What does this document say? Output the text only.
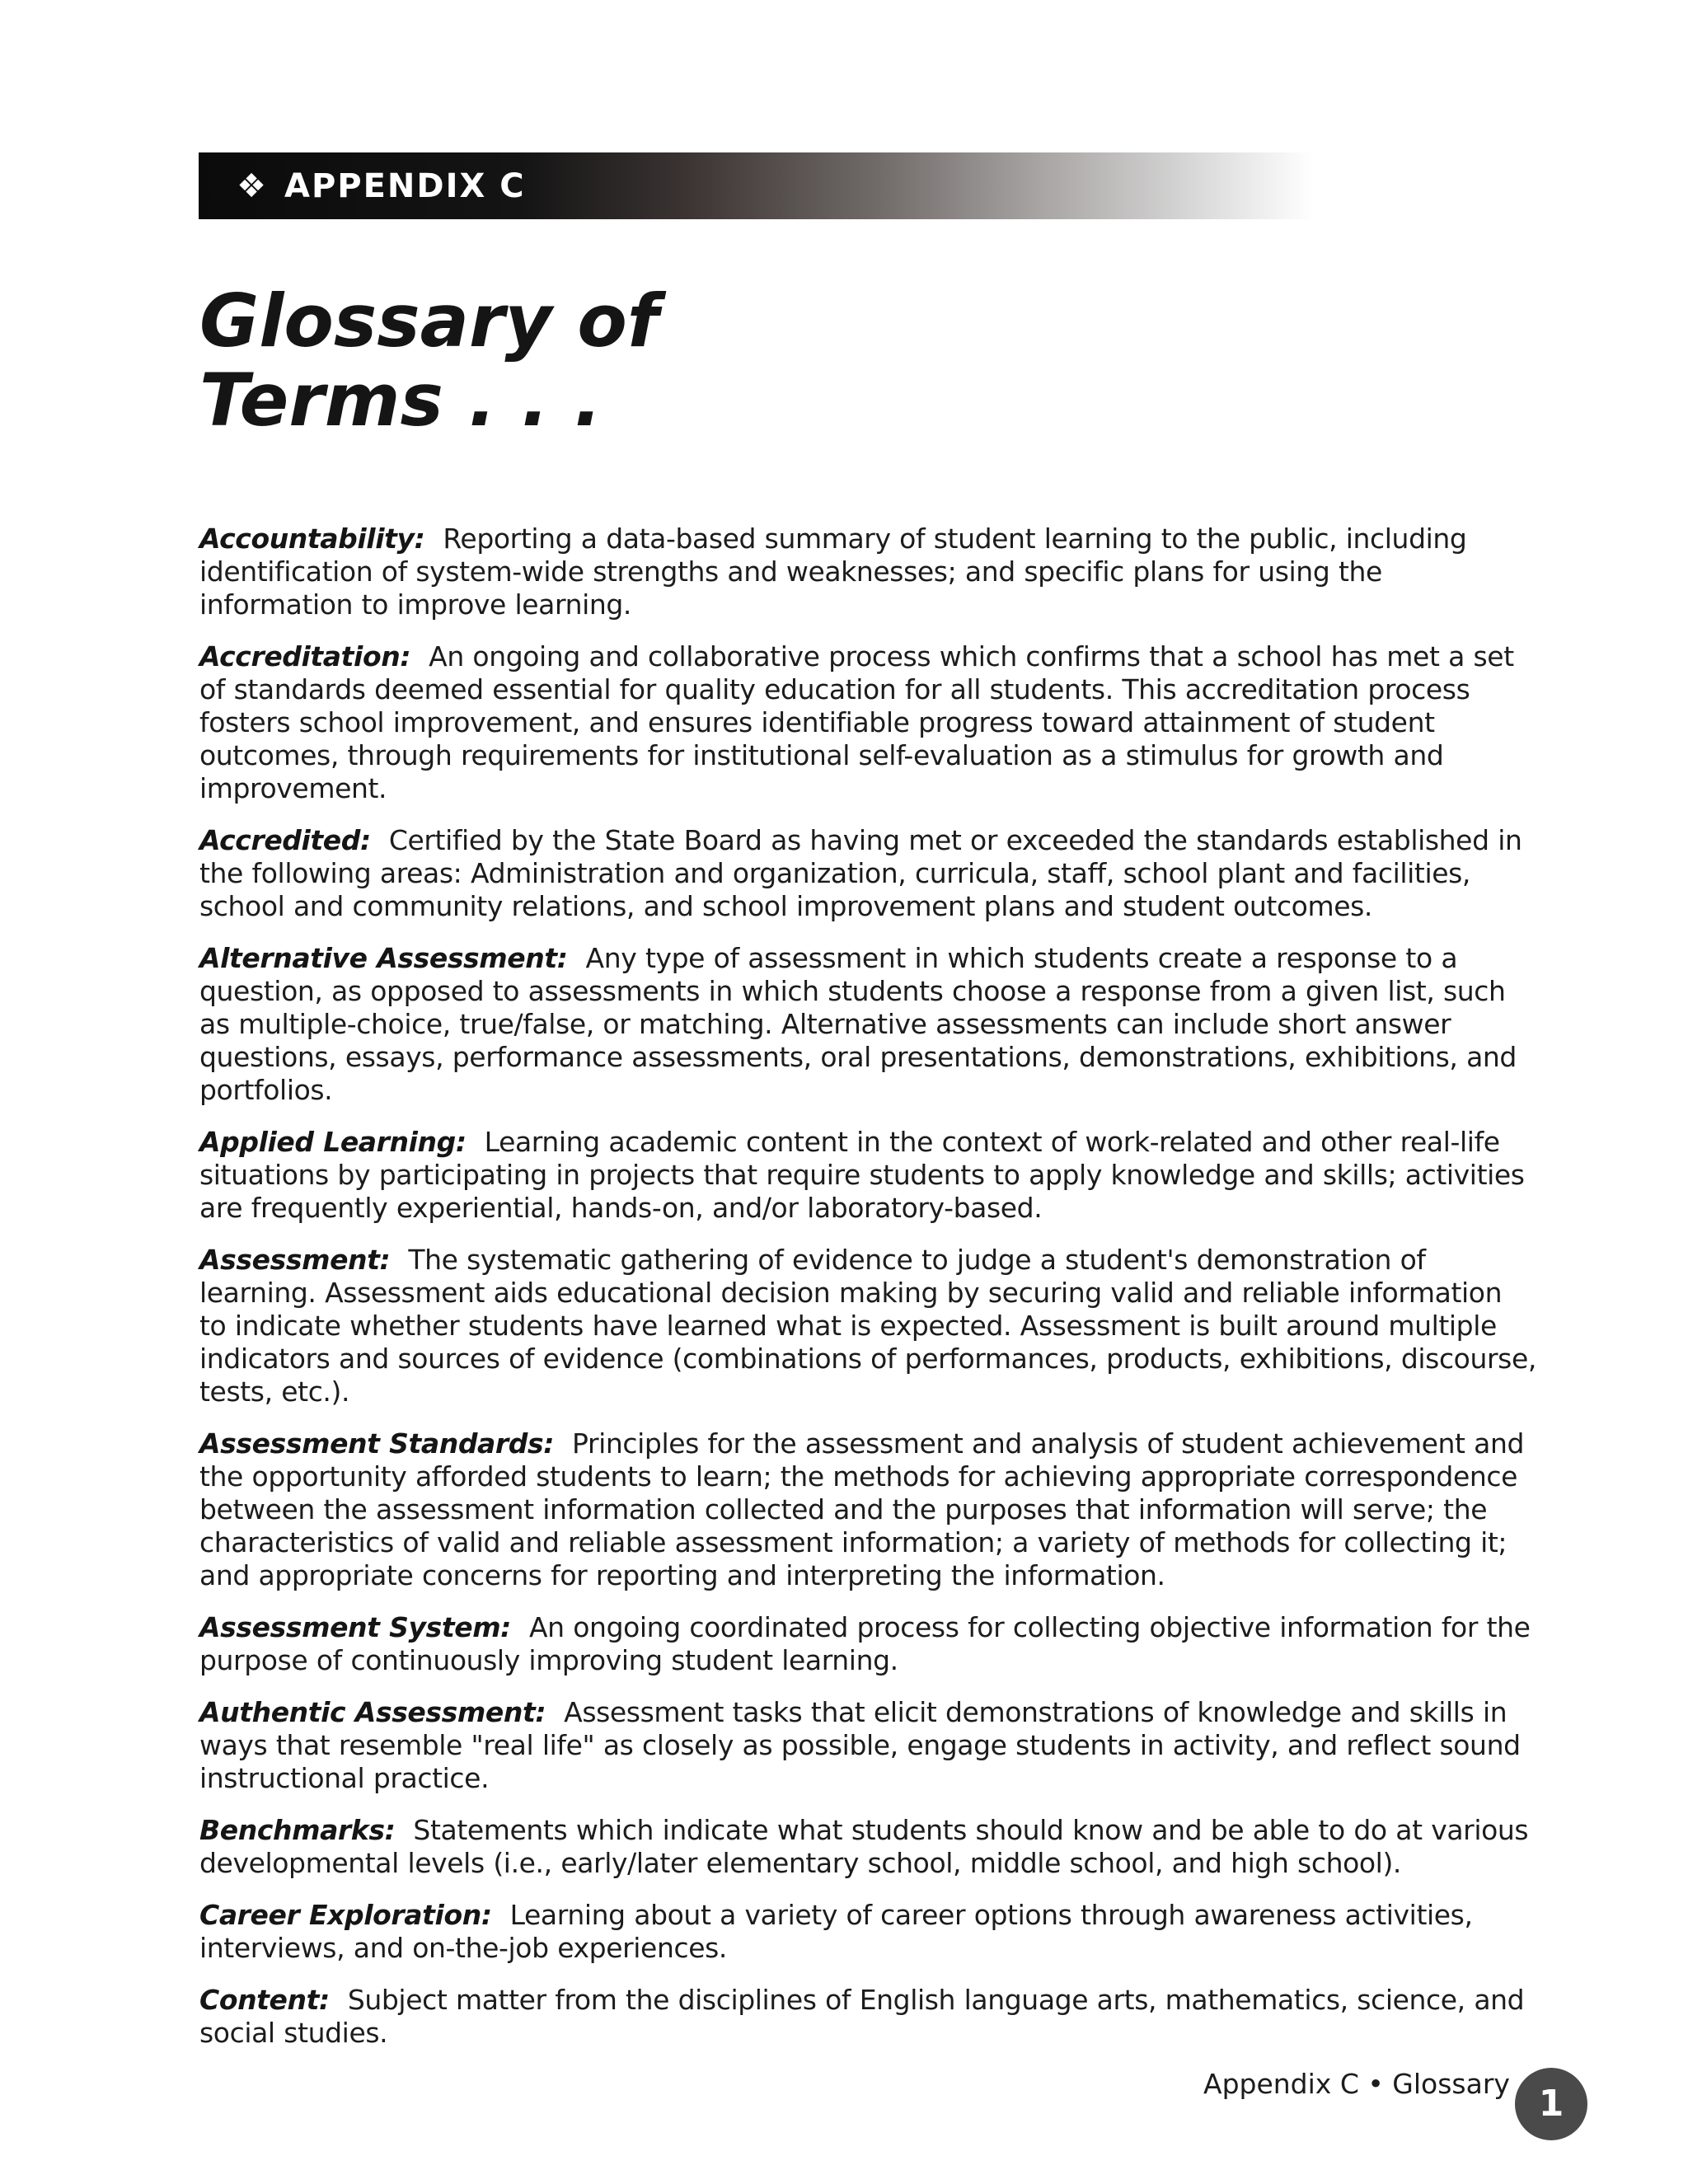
❖ APPENDIX C
Glossary of
Terms . . .

Accountability: Reporting a data-based summary of student learning to the public, including identification of system-wide strengths and weaknesses; and specific plans for using the information to improve learning.

Accreditation: An ongoing and collaborative process which confirms that a school has met a set of standards deemed essential for quality education for all students. This accreditation process fosters school improvement, and ensures identifiable progress toward attainment of student outcomes, through requirements for institutional self-evaluation as a stimulus for growth and improvement.

Accredited: Certified by the State Board as having met or exceeded the standards established in the following areas: Administration and organization, curricula, staff, school plant and facilities, school and community relations, and school improvement plans and student outcomes.

Alternative Assessment: Any type of assessment in which students create a response to a question, as opposed to assessments in which students choose a response from a given list, such as multiple-choice, true/false, or matching. Alternative assessments can include short answer questions, essays, performance assessments, oral presentations, demonstrations, exhibitions, and portfolios.

Applied Learning: Learning academic content in the context of work-related and other real-life situations by participating in projects that require students to apply knowledge and skills; activities are frequently experiential, hands-on, and/or laboratory-based.

Assessment: The systematic gathering of evidence to judge a student's demonstration of learning. Assessment aids educational decision making by securing valid and reliable information to indicate whether students have learned what is expected. Assessment is built around multiple indicators and sources of evidence (combinations of performances, products, exhibitions, discourse, tests, etc.).

Assessment Standards: Principles for the assessment and analysis of student achievement and the opportunity afforded students to learn; the methods for achieving appropriate correspondence between the assessment information collected and the purposes that information will serve; the characteristics of valid and reliable assessment information; a variety of methods for collecting it; and appropriate concerns for reporting and interpreting the information.

Assessment System: An ongoing coordinated process for collecting objective information for the purpose of continuously improving student learning.

Authentic Assessment: Assessment tasks that elicit demonstrations of knowledge and skills in ways that resemble "real life" as closely as possible, engage students in activity, and reflect sound instructional practice.

Benchmarks: Statements which indicate what students should know and be able to do at various developmental levels (i.e., early/later elementary school, middle school, and high school).

Career Exploration: Learning about a variety of career options through awareness activities, interviews, and on-the-job experiences.

Content: Subject matter from the disciplines of English language arts, mathematics, science, and social studies.

Appendix C • Glossary 1
